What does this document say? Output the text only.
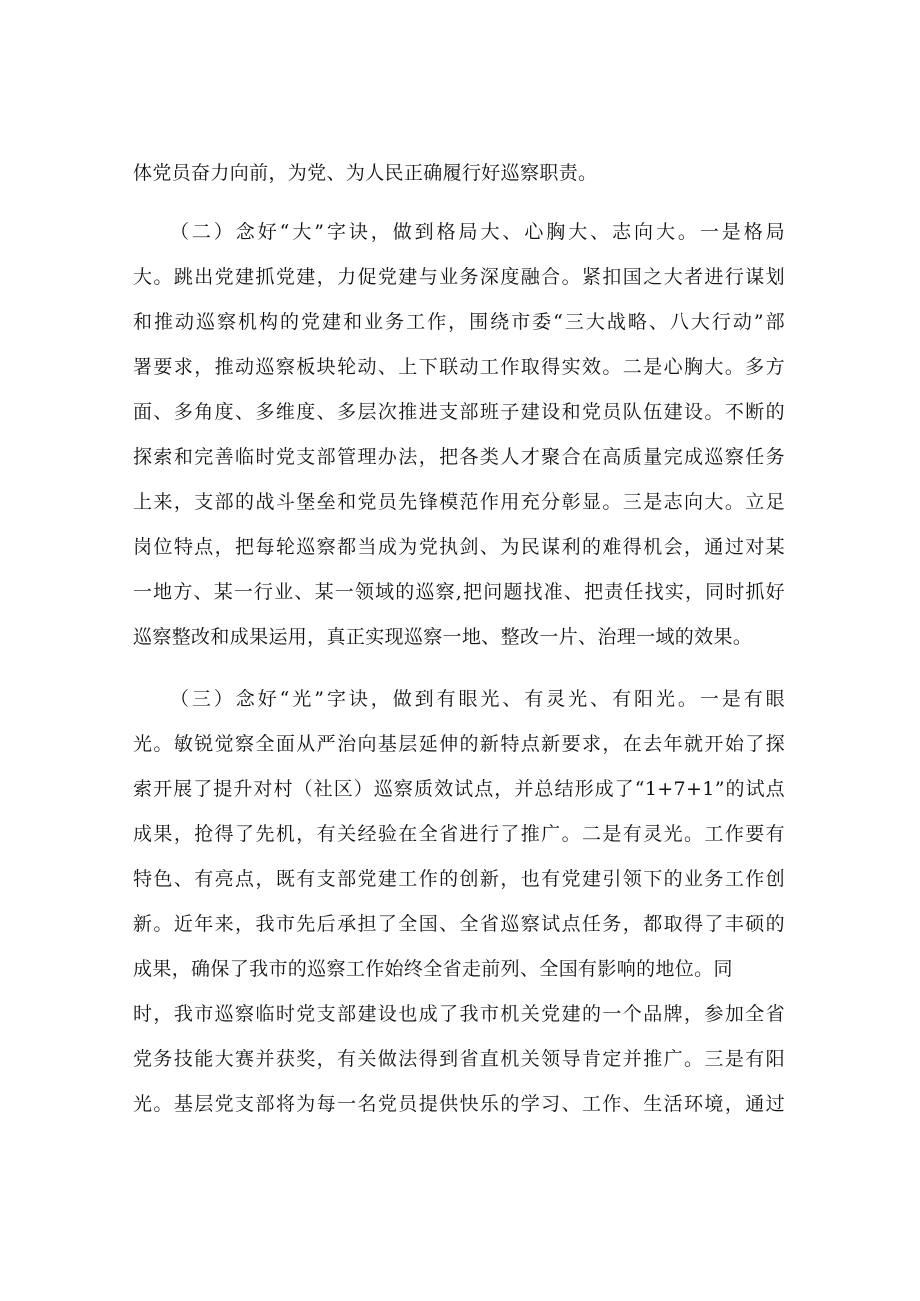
体党员奋力向前，为党、为人民正确履行好巡察职责。
（二）念好“大”字诀，做到格局大、心胸大、志向大。一是格局
大。跳出党建抓党建，力促党建与业务深度融合。紧扣国之大者进行谋划
和推动巡察机构的党建和业务工作，围绕市委“三大战略、八大行动”部
署要求，推动巡察板块轮动、上下联动工作取得实效。二是心胸大。多方
面、多角度、多维度、多层次推进支部班子建设和党员队伍建设。不断的
探索和完善临时党支部管理办法，把各类人才聚合在高质量完成巡察任务
上来，支部的战斗堡垒和党员先锋模范作用充分彰显。三是志向大。立足
岗位特点，把每轮巡察都当成为党执剑、为民谋利的难得机会，通过对某
一地方、某一行业、某一领域的巡察,把问题找准、把责任找实，同时抓好
巡察整改和成果运用，真正实现巡察一地、整改一片、治理一域的效果。
（三）念好“光”字诀，做到有眼光、有灵光、有阳光。一是有眼
光。敏锐觉察全面从严治向基层延伸的新特点新要求，在去年就开始了探
索开展了提升对村（社区）巡察质效试点，并总结形成了“1+7+1”的试点
成果，抢得了先机，有关经验在全省进行了推广。二是有灵光。工作要有
特色、有亮点，既有支部党建工作的创新，也有党建引领下的业务工作创
新。近年来，我市先后承担了全国、全省巡察试点任务，都取得了丰硕的
成果，确保了我市的巡察工作始终全省走前列、全国有影响的地位。同
时，我市巡察临时党支部建设也成了我市机关党建的一个品牌，参加全省
党务技能大赛并获奖，有关做法得到省直机关领导肯定并推广。三是有阳
光。基层党支部将为每一名党员提供快乐的学习、工作、生活环境，通过
